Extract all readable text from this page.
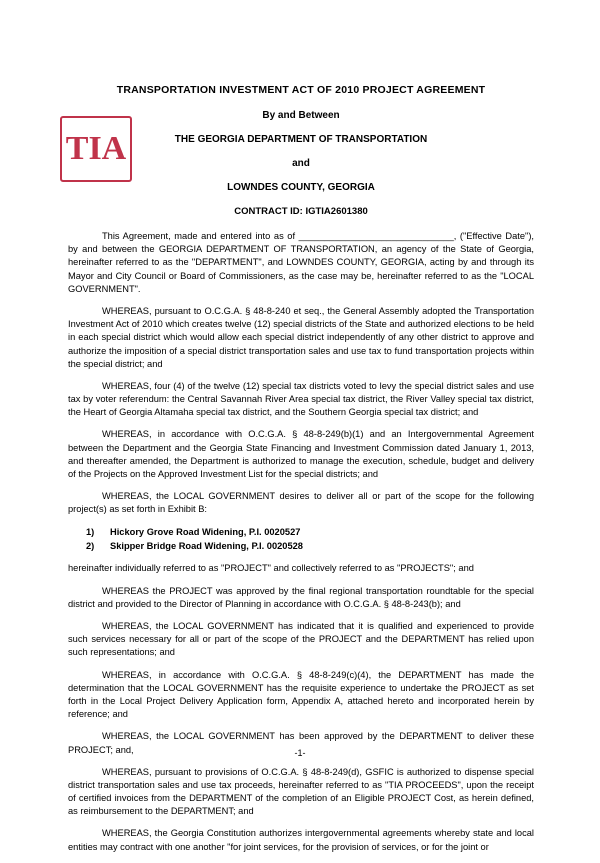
TIA
TRANSPORTATION INVESTMENT ACT OF 2010 PROJECT AGREEMENT
By and Between
THE GEORGIA DEPARTMENT OF TRANSPORTATION
and
LOWNDES COUNTY, GEORGIA
CONTRACT ID: IGTIA2601380

This Agreement, made and entered into as of ______________________________, ("Effective Date"), by and between the GEORGIA DEPARTMENT OF TRANSPORTATION, an agency of the State of Georgia, hereinafter referred to as the "DEPARTMENT", and LOWNDES COUNTY, GEORGIA, acting by and through its Mayor and City Council or Board of Commissioners, as the case may be, hereinafter referred to as the "LOCAL GOVERNMENT".

WHEREAS, pursuant to O.C.G.A. § 48-8-240 et seq., the General Assembly adopted the Transportation Investment Act of 2010 which creates twelve (12) special districts of the State and authorized elections to be held in each special district which would allow each special district independently of any other district to approve and authorize the imposition of a special district transportation sales and use tax to fund transportation projects within the special district; and

WHEREAS, four (4) of the twelve (12) special tax districts voted to levy the special district sales and use tax by voter referendum: the Central Savannah River Area special tax district, the River Valley special tax district, the Heart of Georgia Altamaha special tax district, and the Southern Georgia special tax district; and

WHEREAS, in accordance with O.C.G.A. § 48-8-249(b)(1) and an Intergovernmental Agreement between the Department and the Georgia State Financing and Investment Commission dated January 1, 2013, and thereafter amended, the Department is authorized to manage the execution, schedule, budget and delivery of the Projects on the Approved Investment List for the special districts; and

WHEREAS, the LOCAL GOVERNMENT desires to deliver all or part of the scope for the following project(s) as set forth in Exhibit B:

1)	Hickory Grove Road Widening, P.I. 0020527
2)	Skipper Bridge Road Widening, P.I. 0020528

hereinafter individually referred to as "PROJECT" and collectively referred to as "PROJECTS"; and

WHEREAS the PROJECT was approved by the final regional transportation roundtable for the special district and provided to the Director of Planning in accordance with O.C.G.A. § 48-8-243(b); and

WHEREAS, the LOCAL GOVERNMENT has indicated that it is qualified and experienced to provide such services necessary for all or part of the scope of the PROJECT and the DEPARTMENT has relied upon such representations; and

WHEREAS, in accordance with O.C.G.A. § 48-8-249(c)(4), the DEPARTMENT has made the determination that the LOCAL GOVERNMENT has the requisite experience to undertake the PROJECT as set forth in the Local Project Delivery Application form, Appendix A, attached hereto and incorporated herein by reference; and

WHEREAS, the LOCAL GOVERNMENT has been approved by the DEPARTMENT to deliver these PROJECT; and,

WHEREAS, pursuant to provisions of O.C.G.A. § 48-8-249(d), GSFIC is authorized to dispense special district transportation sales and use tax proceeds, hereinafter referred to as "TIA PROCEEDS", upon the receipt of certified invoices from the DEPARTMENT of the completion of an Eligible PROJECT Cost, as herein defined, as reimbursement to the DEPARTMENT; and

WHEREAS, the Georgia Constitution authorizes intergovernmental agreements whereby state and local entities may contract with one another "for joint services, for the provision of services, or for the joint or

-1-
